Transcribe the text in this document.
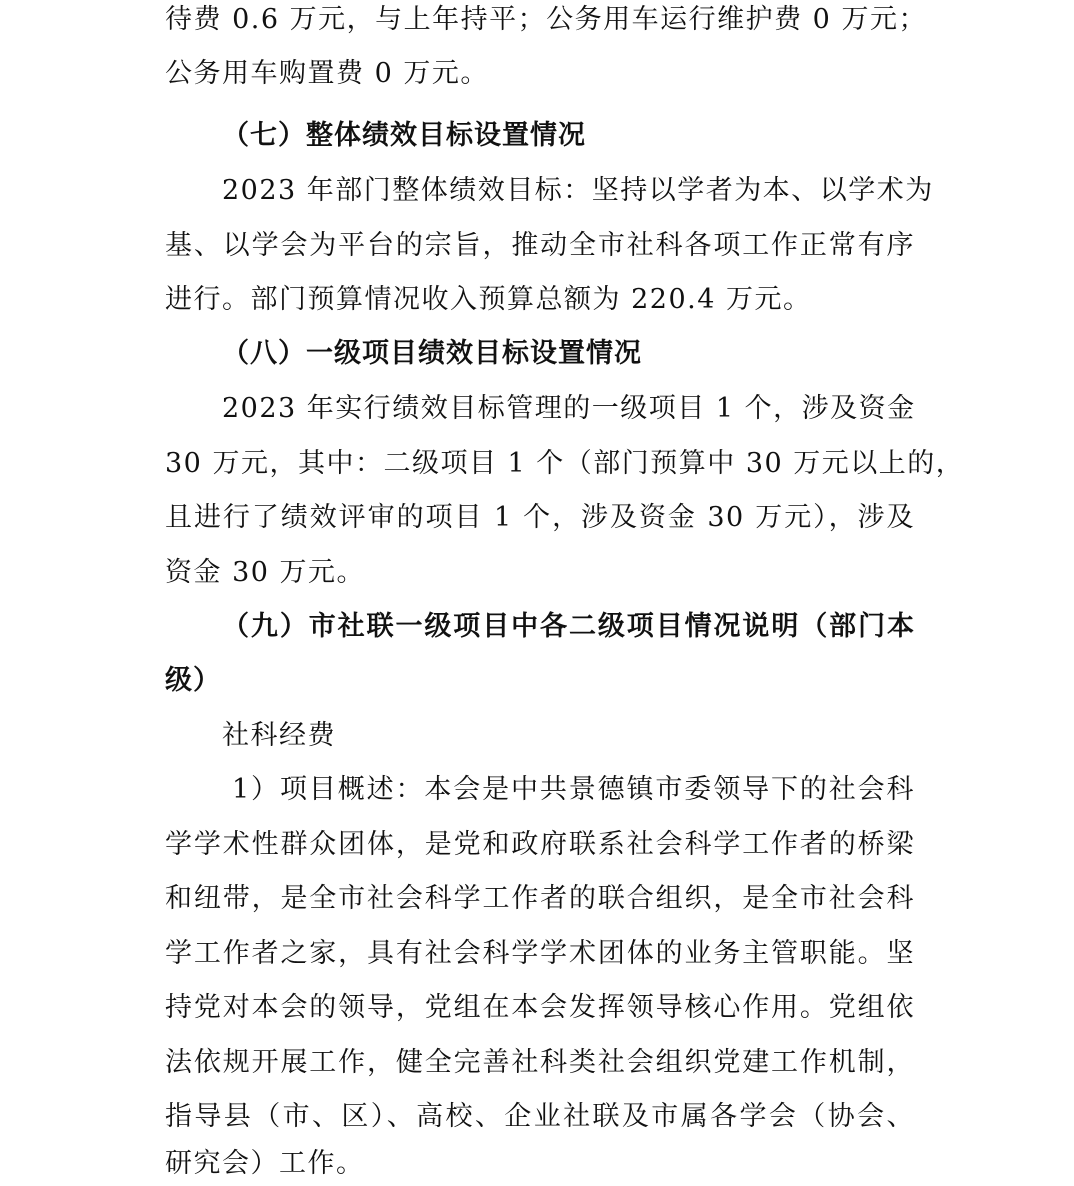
待费 0.6 万元，与上年持平；公务用车运行维护费 0 万元；
公务用车购置费 0 万元。
（七）整体绩效目标设置情况
2023 年部门整体绩效目标：坚持以学者为本、以学术为
基、以学会为平台的宗旨，推动全市社科各项工作正常有序
进行。部门预算情况收入预算总额为 220.4 万元。
（八）一级项目绩效目标设置情况
2023 年实行绩效目标管理的一级项目 1 个，涉及资金
30 万元，其中：二级项目 1 个（部门预算中 30 万元以上的，
且进行了绩效评审的项目 1 个，涉及资金 30 万元），涉及
资金 30 万元。
（九）市社联一级项目中各二级项目情况说明（部门本
级）
社科经费
1）项目概述：本会是中共景德镇市委领导下的社会科
学学术性群众团体，是党和政府联系社会科学工作者的桥梁
和纽带，是全市社会科学工作者的联合组织，是全市社会科
学工作者之家，具有社会科学学术团体的业务主管职能。坚
持党对本会的领导，党组在本会发挥领导核心作用。党组依
法依规开展工作，健全完善社科类社会组织党建工作机制，
指导县（市、区）、高校、企业社联及市属各学会（协会、
研究会）工作。
